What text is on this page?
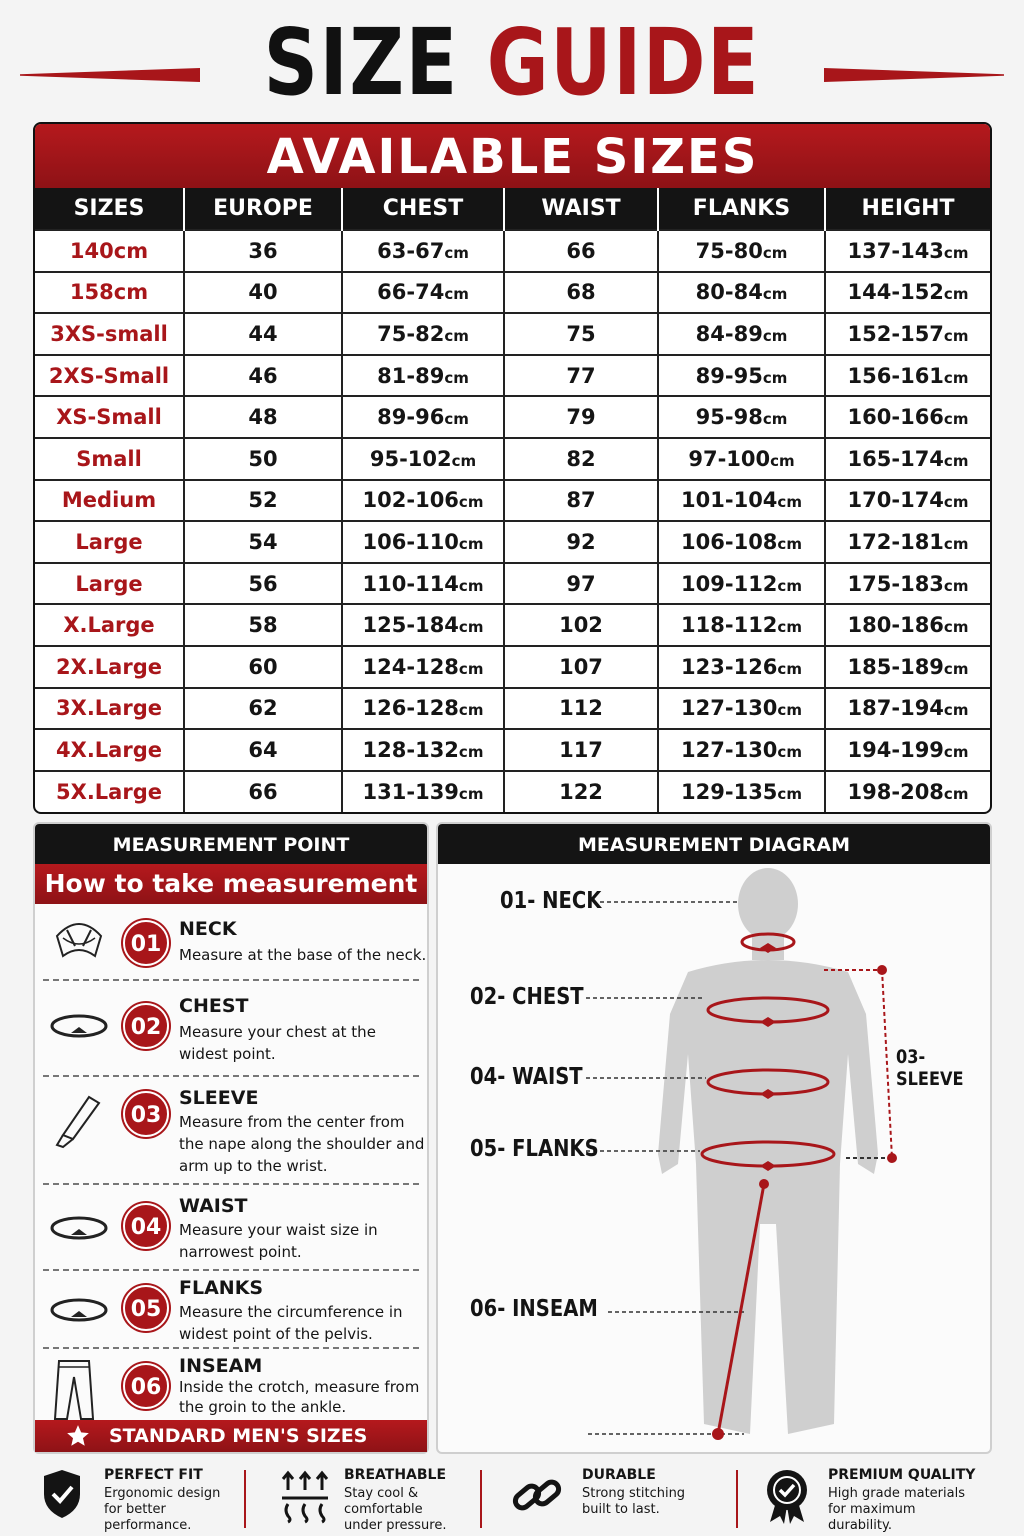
SIZE GUIDE
AVAILABLE SIZES
SIZES	EUROPE	CHEST	WAIST	FLANKS	HEIGHT
140cm	36	63-67cm	66	75-80cm	137-143cm
158cm	40	66-74cm	68	80-84cm	144-152cm
3XS-small	44	75-82cm	75	84-89cm	152-157cm
2XS-Small	46	81-89cm	77	89-95cm	156-161cm
XS-Small	48	89-96cm	79	95-98cm	160-166cm
Small	50	95-102cm	82	97-100cm	165-174cm
Medium	52	102-106cm	87	101-104cm	170-174cm
Large	54	106-110cm	92	106-108cm	172-181cm
Large	56	110-114cm	97	109-112cm	175-183cm
X.Large	58	125-184cm	102	118-112cm	180-186cm
2X.Large	60	124-128cm	107	123-126cm	185-189cm
3X.Large	62	126-128cm	112	127-130cm	187-194cm
4X.Large	64	128-132cm	117	127-130cm	194-199cm
5X.Large	66	131-139cm	122	129-135cm	198-208cm
MEASUREMENT POINT
How to take measurement
01
NECK
Measure at the base of the neck.
02
CHEST
Measure your chest at the widest point.
03
SLEEVE
Measure from the center from the nape along the shoulder and arm up to the wrist.
04
WAIST
Measure your waist size in narrowest point.
05
FLANKS
Measure the circumference in widest point of the pelvis.
06
INSEAM
Inside the crotch, measure from the groin to the ankle.
STANDARD MEN'S SIZES
MEASUREMENT DIAGRAM
01- NECK
02- CHEST
04- WAIST
05- FLANKS
06- INSEAM
03- SLEEVE
PERFECT FIT
Ergonomic design for better performance.
BREATHABLE
Stay cool & comfortable under pressure.
DURABLE
Strong stitching built to last.
PREMIUM QUALITY
High grade materials for maximum durability.
